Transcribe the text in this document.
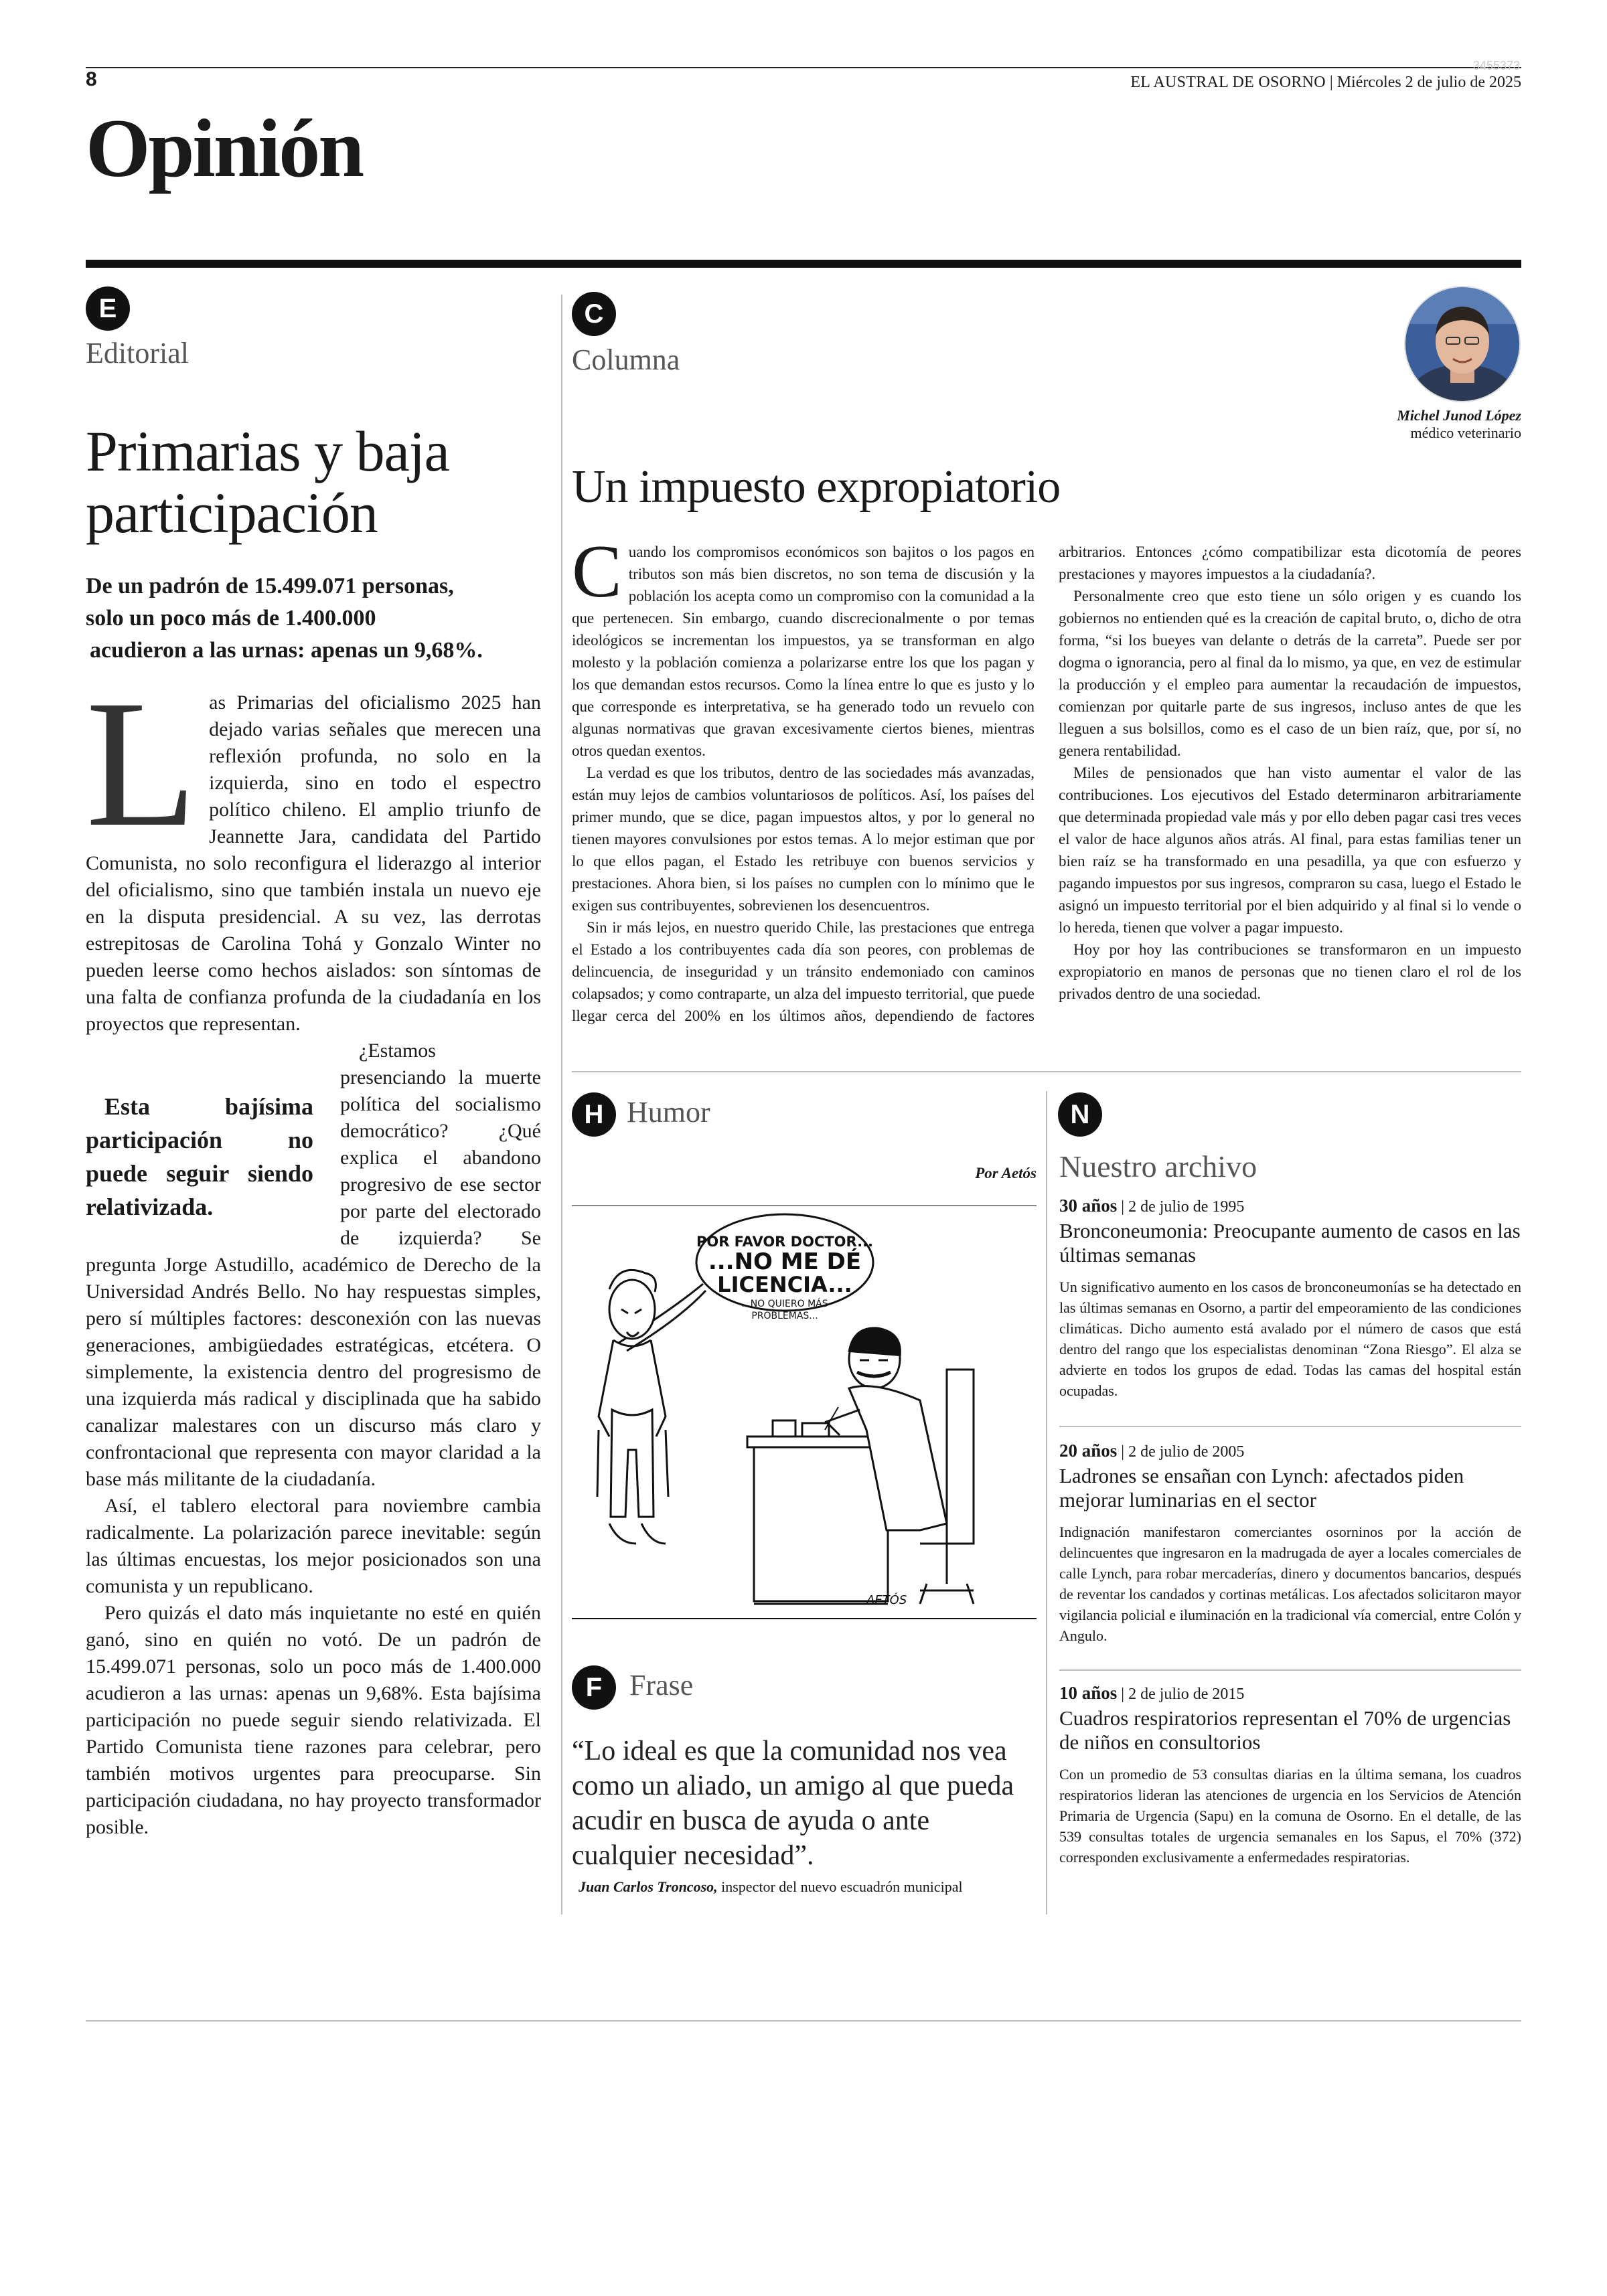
8
3455373
EL AUSTRAL DE OSORNO | Miércoles 2 de julio de 2025
Opinión
E
Editorial
Primarias y baja
participación
De un padrón de 15.499.071 personas,
solo un poco más de 1.400.000
acudieron a las urnas: apenas un 9,68%.

L as Primarias del oficialismo 2025 han dejado varias señales que merecen una reflexión profunda, no solo en la izquierda, sino en todo el espectro político chileno. El amplio triunfo de Jeannette Jara, candidata del Partido Comunista, no solo reconfigura el liderazgo al interior del oficialismo, sino que también instala un nuevo eje en la disputa presidencial. A su vez, las derrotas estrepitosas de Carolina Tohá y Gonzalo Winter no pueden leerse como hechos aislados: son síntomas de una falta de confianza profunda de la ciudadanía en los proyectos que representan.

Esta bajísima participación no puede seguir siendo relativizada.
¿Estamos presenciando la muerte política del socialismo democrático? ¿Qué explica el abandono progresivo de ese sector por parte del electorado de izquierda? Se pregunta Jorge Astudillo, académico de Derecho de la Universidad Andrés Bello. No hay respuestas simples, pero sí múltiples factores: desconexión con las nuevas generaciones, ambigüedades estratégicas, etcétera. O simplemente, la existencia dentro del progresismo de una izquierda más radical y disciplinada que ha sabido canalizar malestares con un discurso más claro y confrontacional que representa con mayor claridad a la base más militante de la ciudadanía.

Así, el tablero electoral para noviembre cambia radicalmente. La polarización parece inevitable: según las últimas encuestas, los mejor posicionados son una comunista y un republicano.

Pero quizás el dato más inquietante no esté en quién ganó, sino en quién no votó. De un padrón de 15.499.071 personas, solo un poco más de 1.400.000 acudieron a las urnas: apenas un 9,68%. Esta bajísima participación no puede seguir siendo relativizada. El Partido Comunista tiene razones para celebrar, pero también motivos urgentes para preocuparse. Sin participación ciudadana, no hay proyecto transformador posible.

C
Columna
Michel Junod López
médico veterinario
Un impuesto expropiatorio

C uando los compromisos económicos son bajitos o los pagos en tributos son más bien discretos, no son tema de discusión y la población los acepta como un compromiso con la comunidad a la que pertenecen. Sin embargo, cuando discrecionalmente o por temas ideológicos se incrementan los impuestos, ya se transforman en algo molesto y la población comienza a polarizarse entre los que los pagan y los que demandan estos recursos. Como la línea entre lo que es justo y lo que corresponde es interpretativa, se ha generado todo un revuelo con algunas normativas que gravan excesivamente ciertos bienes, mientras otros quedan exentos.

La verdad es que los tributos, dentro de las sociedades más avanzadas, están muy lejos de cambios voluntariosos de políticos. Así, los países del primer mundo, que se dice, pagan impuestos altos, y por lo general no tienen mayores convulsiones por estos temas. A lo mejor estiman que por lo que ellos pagan, el Estado les retribuye con buenos servicios y prestaciones. Ahora bien, si los países no cumplen con lo mínimo que le exigen sus contribuyentes, sobrevienen los desencuentros.

Sin ir más lejos, en nuestro querido Chile, las prestaciones que entrega el Estado a los contribuyentes cada día son peores, con problemas de delincuencia, de inseguridad y un tránsito endemoniado con caminos colapsados; y como contraparte, un alza del impuesto territorial, que puede llegar cerca del 200% en los últimos años, dependiendo de factores arbitrarios. Entonces ¿cómo compatibilizar esta dicotomía de peores prestaciones y mayores impuestos a la ciudadanía?.

Personalmente creo que esto tiene un sólo origen y es cuando los gobiernos no entienden qué es la creación de capital bruto, o, dicho de otra forma, “si los bueyes van delante o detrás de la carreta”. Puede ser por dogma o ignorancia, pero al final da lo mismo, ya que, en vez de estimular la producción y el empleo para aumentar la recaudación de impuestos, comienzan por quitarle parte de sus ingresos, incluso antes de que les lleguen a sus bolsillos, como es el caso de un bien raíz, que, por sí, no genera rentabilidad.

Miles de pensionados que han visto aumentar el valor de las contribuciones. Los ejecutivos del Estado determinaron arbitrariamente que determinada propiedad vale más y por ello deben pagar casi tres veces el valor de hace algunos años atrás. Al final, para estas familias tener un bien raíz se ha transformado en una pesadilla, ya que con esfuerzo y pagando impuestos por sus ingresos, compraron su casa, luego el Estado le asignó un impuesto territorial por el bien adquirido y al final si lo vende o lo hereda, tienen que volver a pagar impuesto.

Hoy por hoy las contribuciones se transformaron en un impuesto expropiatorio en manos de personas que no tienen claro el rol de los privados dentro de una sociedad.

H Humor
Por Aetós
POR FAVOR DOCTOR...
...NO ME DÉ
LICENCIA...
...NO QUIERO MÁS
PROBLEMAS...
AETÓS
F Frase
“Lo ideal es que la comunidad nos vea como un aliado, un amigo al que pueda acudir en busca de ayuda o ante cualquier necesidad”.
Juan Carlos Troncoso, inspector del nuevo escuadrón municipal
N
Nuestro archivo
30 años | 2 de julio de 1995
Bronconeumonia: Preocupante aumento de casos en las últimas semanas
Un significativo aumento en los casos de bronconeumonías se ha detectado en las últimas semanas en Osorno, a partir del empeoramiento de las condiciones climáticas. Dicho aumento está avalado por el número de casos que está dentro del rango que los especialistas denominan “Zona Riesgo”. El alza se advierte en todos los grupos de edad. Todas las camas del hospital están ocupadas.
20 años | 2 de julio de 2005
Ladrones se ensañan con Lynch: afectados piden mejorar luminarias en el sector
Indignación manifestaron comerciantes osorninos por la acción de delincuentes que ingresaron en la madrugada de ayer a locales comerciales de calle Lynch, para robar mercaderías, dinero y documentos bancarios, después de reventar los candados y cortinas metálicas. Los afectados solicitaron mayor vigilancia policial e iluminación en la tradicional vía comercial, entre Colón y Angulo.
10 años | 2 de julio de 2015
Cuadros respiratorios representan el 70% de urgencias de niños en consultorios
Con un promedio de 53 consultas diarias en la última semana, los cuadros respiratorios lideran las atenciones de urgencia en los Servicios de Atención Primaria de Urgencia (Sapu) en la comuna de Osorno. En el detalle, de las 539 consultas totales de urgencia semanales en los Sapus, el 70% (372) corresponden exclusivamente a enfermedades respiratorias.
